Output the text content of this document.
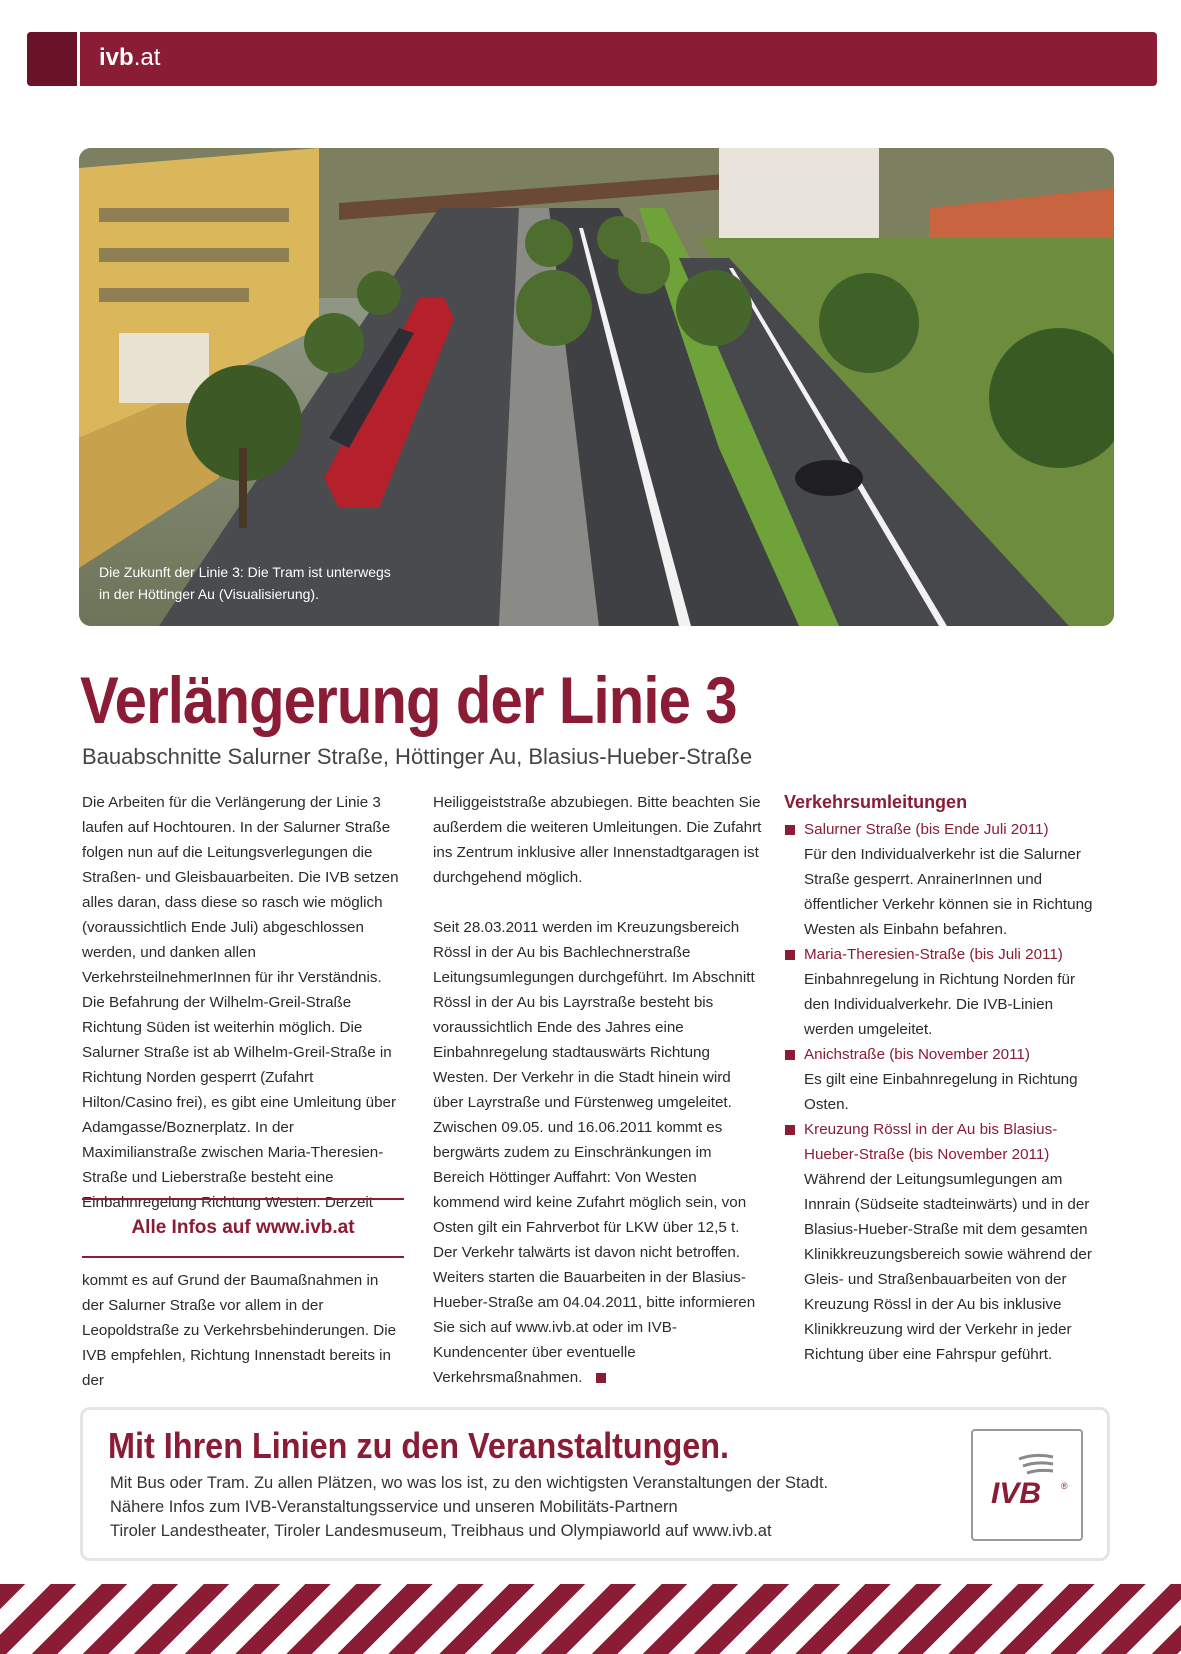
ivb.at
Die Zukunft der Linie 3: Die Tram ist unterwegs
in der Höttinger Au (Visualisierung).
Verlängerung der Linie 3
Bauabschnitte Salurner Straße, Höttinger Au, Blasius-Hueber-Straße

Die Arbeiten für die Verlängerung der Linie 3 laufen auf Hochtouren. In der Salurner Straße folgen nun auf die Leitungsverlegungen die Straßen- und Gleisbauarbeiten. Die IVB setzen alles daran, dass diese so rasch wie möglich (voraussichtlich Ende Juli) abgeschlossen werden, und danken allen VerkehrsteilnehmerInnen für ihr Verständnis. Die Befahrung der Wilhelm-Greil-Straße Richtung Süden ist weiterhin möglich. Die Salurner Straße ist ab Wilhelm-Greil-Straße in Richtung Norden gesperrt (Zufahrt Hilton/Casino frei), es gibt eine Umleitung über Adamgasse/Boznerplatz. In der Maximilianstraße zwischen Maria-Theresien-Straße und Lieberstraße besteht eine Einbahnregelung Richtung Westen. Derzeit

Alle Infos auf www.ivb.at

kommt es auf Grund der Baumaßnahmen in der Salurner Straße vor allem in der Leopoldstraße zu Verkehrsbehinderungen. Die IVB empfehlen, Richtung Innenstadt bereits in der

Heiliggeiststraße abzubiegen. Bitte beachten Sie außerdem die weiteren Umleitungen. Die Zufahrt ins Zentrum inklusive aller Innenstadtgaragen ist durchgehend möglich.

Seit 28.03.2011 werden im Kreuzungsbereich Rössl in der Au bis Bachlechnerstraße Leitungsumlegungen durchgeführt. Im Abschnitt Rössl in der Au bis Layrstraße besteht bis voraussichtlich Ende des Jahres eine Einbahnregelung stadtauswärts Richtung Westen. Der Verkehr in die Stadt hinein wird über Layrstraße und Fürstenweg umgeleitet. Zwischen 09.05. und 16.06.2011 kommt es bergwärts zudem zu Einschränkungen im Bereich Höttinger Auffahrt: Von Westen kommend wird keine Zufahrt möglich sein, von Osten gilt ein Fahrverbot für LKW über 12,5 t. Der Verkehr talwärts ist davon nicht betroffen. Weiters starten die Bauarbeiten in der Blasius-Hueber-Straße am 04.04.2011, bitte informieren Sie sich auf www.ivb.at oder im IVB-Kundencenter über eventuelle Verkehrsmaßnahmen.

Verkehrsumleitungen
Salurner Straße (bis Ende Juli 2011)
Für den Individualverkehr ist die Salurner Straße gesperrt. AnrainerInnen und öffentlicher Verkehr können sie in Richtung Westen als Einbahn befahren.
Maria-Theresien-Straße (bis Juli 2011)
Einbahnregelung in Richtung Norden für den Individualverkehr. Die IVB-Linien werden umgeleitet.
Anichstraße (bis November 2011)
Es gilt eine Einbahnregelung in Richtung Osten.
Kreuzung Rössl in der Au bis Blasius-Hueber-Straße (bis November 2011)
Während der Leitungsumlegungen am Innrain (Südseite stadteinwärts) und in der Blasius-Hueber-Straße mit dem gesamten Klinikkreuzungsbereich sowie während der Gleis- und Straßenbauarbeiten von der Kreuzung Rössl in der Au bis inklusive Klinikkreuzung wird der Verkehr in jeder Richtung über eine Fahrspur geführt.
Mit Ihren Linien zu den Veranstaltungen.
Mit Bus oder Tram. Zu allen Plätzen, wo was los ist, zu den wichtigsten Veranstaltungen der Stadt.
Nähere Infos zum IVB-Veranstaltungsservice und unseren Mobilitäts-Partnern
Tiroler Landestheater, Tiroler Landesmuseum, Treibhaus und Olympiaworld auf www.ivb.at
IVB ®
